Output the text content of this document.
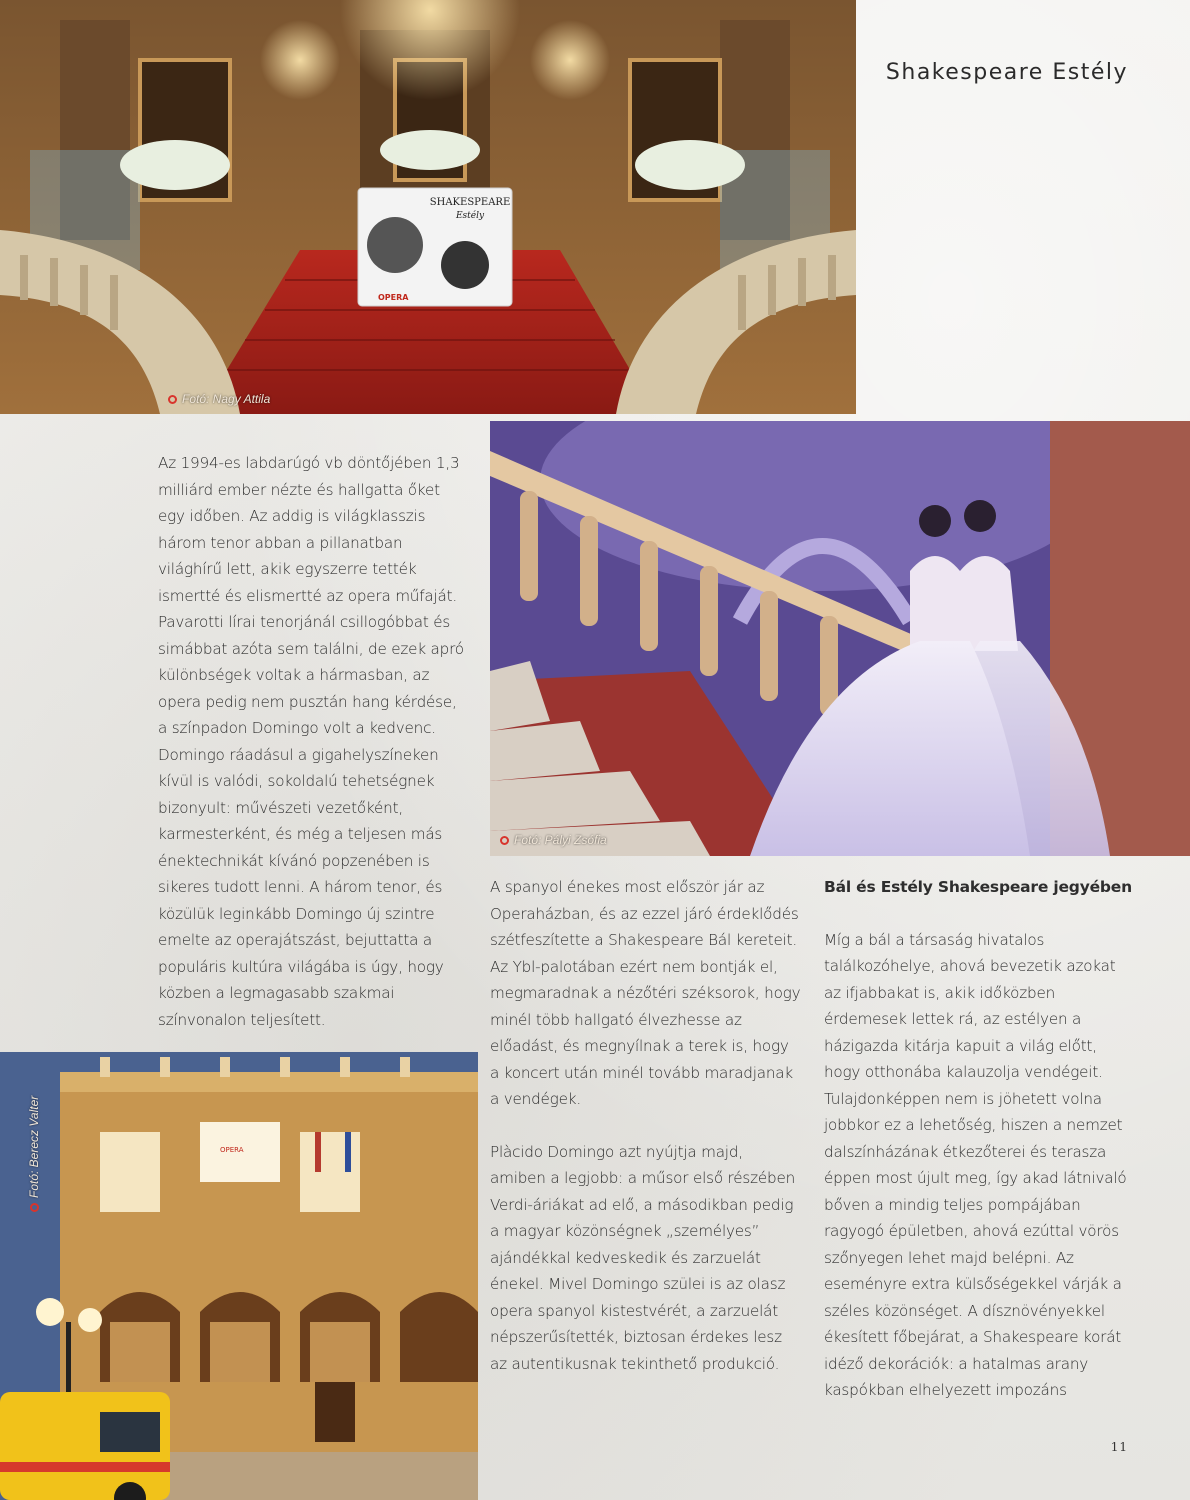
SHAKESPEARE
Estély
OPERA
Fotó: Nagy Attila
Shakespeare Estély
Fotó: Pályi Zsófia
OPERA
Fotó: Berecz Valter

Az 1994-es labdarúgó vb döntőjében 1,3 milliárd ember nézte és hallgatta őket egy időben. Az addig is világklasszis három tenor abban a pillanatban világhírű lett, akik egyszerre tették ismertté és elismertté az opera műfaját. Pavarotti lírai tenorjánál csillogóbbat és simábbat azóta sem találni, de ezek apró különbségek voltak a hármasban, az opera pedig nem pusztán hang kérdése, a színpadon Domingo volt a kedvenc. Domingo ráadásul a gigahelyszíneken kívül is valódi, sokoldalú tehetségnek bizonyult: művészeti vezetőként, karmesterként, és még a teljesen más énektechnikát kívánó popzenében is sikeres tudott lenni. A három tenor, és közülük leginkább Domingo új szintre emelte az operajátszást, bejuttatta a populáris kultúra világába is úgy, hogy közben a legmagasabb szakmai színvonalon teljesített.

A spanyol énekes most először jár az Operaházban, és az ezzel járó érdeklődés szétfeszítette a Shakespeare Bál kereteit. Az Ybl-palotában ezért nem bontják el, megmaradnak a nézőtéri széksorok, hogy minél több hallgató élvezhesse az előadást, és megnyílnak a terek is, hogy a koncert után minél tovább maradjanak a vendégek.

Plàcido Domingo azt nyújtja majd, amiben a legjobb: a műsor első részében Verdi-áriákat ad elő, a másodikban pedig a magyar közönségnek „személyes” ajándékkal kedveskedik és zarzuelát énekel. Mivel Domingo szülei is az olasz opera spanyol kistestvérét, a zarzuelát népszerűsítették, biztosan érdekes lesz az autentikusnak tekinthető produkció.

Bál és Estély Shakespeare jegyében

Míg a bál a társaság hivatalos találkozóhelye, ahová bevezetik azokat az ifjabbakat is, akik időközben érdemesek lettek rá, az estélyen a házigazda kitárja kapuit a világ előtt, hogy otthonába kalauzolja vendégeit. Tulajdonképpen nem is jöhetett volna jobbkor ez a lehetőség, hiszen a nemzet dalszínházának étkezőterei és terasza éppen most újult meg, így akad látnivaló bőven a mindig teljes pompájában ragyogó épületben, ahová ezúttal vörös szőnyegen lehet majd belépni. Az eseményre extra külsőségekkel várják a széles közönséget. A dísznövényekkel ékesített főbejárat, a Shakespeare korát idéző dekorációk: a hatalmas arany kaspókban elhelyezett impozáns

11
